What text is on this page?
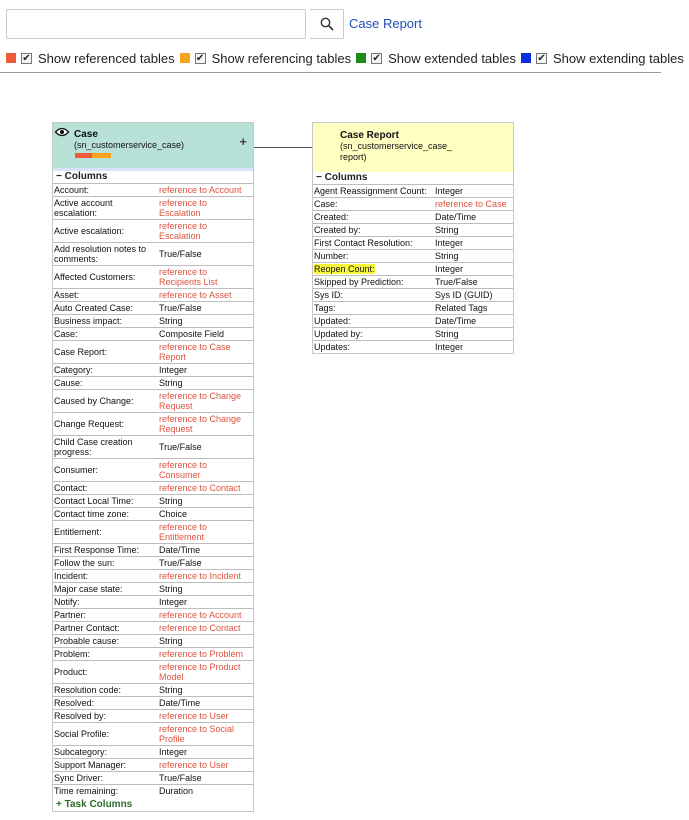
Case Report
✔ Show referenced tables ✔ Show referencing tables ✔ Show extended tables ✔ Show extending tables
Case
(sn_customerservice_case)	+
− Columns
Account:	reference to Account
Active account escalation:	reference to Escalation
Active escalation:	reference to Escalation
Add resolution notes to comments:	True/False
Affected Customers:	reference to Recipients List
Asset:	reference to Asset
Auto Created Case:	True/False
Business impact:	String
Case:	Composite Field
Case Report:	reference to Case Report
Category:	Integer
Cause:	String
Caused by Change:	reference to Change Request
Change Request:	reference to Change Request
Child Case creation progress:	True/False
Consumer:	reference to Consumer
Contact:	reference to Contact
Contact Local Time:	String
Contact time zone:	Choice
Entitlement:	reference to Entitlement
First Response Time:	Date/Time
Follow the sun:	True/False
Incident:	reference to Incident
Major case state:	String
Notify:	Integer
Partner:	reference to Account
Partner Contact:	reference to Contact
Probable cause:	String
Problem:	reference to Problem
Product:	reference to Product Model
Resolution code:	String
Resolved:	Date/Time
Resolved by:	reference to User
Social Profile:	reference to Social Profile
Subcategory:	Integer
Support Manager:	reference to User
Sync Driver:	True/False
Time remaining:	Duration
+ Task Columns
Case Report
(sn_customerservice_case_ report)
− Columns
Agent Reassignment Count:	Integer
Case:	reference to Case
Created:	Date/Time
Created by:	String
First Contact Resolution:	Integer
Number:	String
Reopen Count:	Integer
Skipped by Prediction:	True/False
Sys ID:	Sys ID (GUID)
Tags:	Related Tags
Updated:	Date/Time
Updated by:	String
Updates:	Integer
